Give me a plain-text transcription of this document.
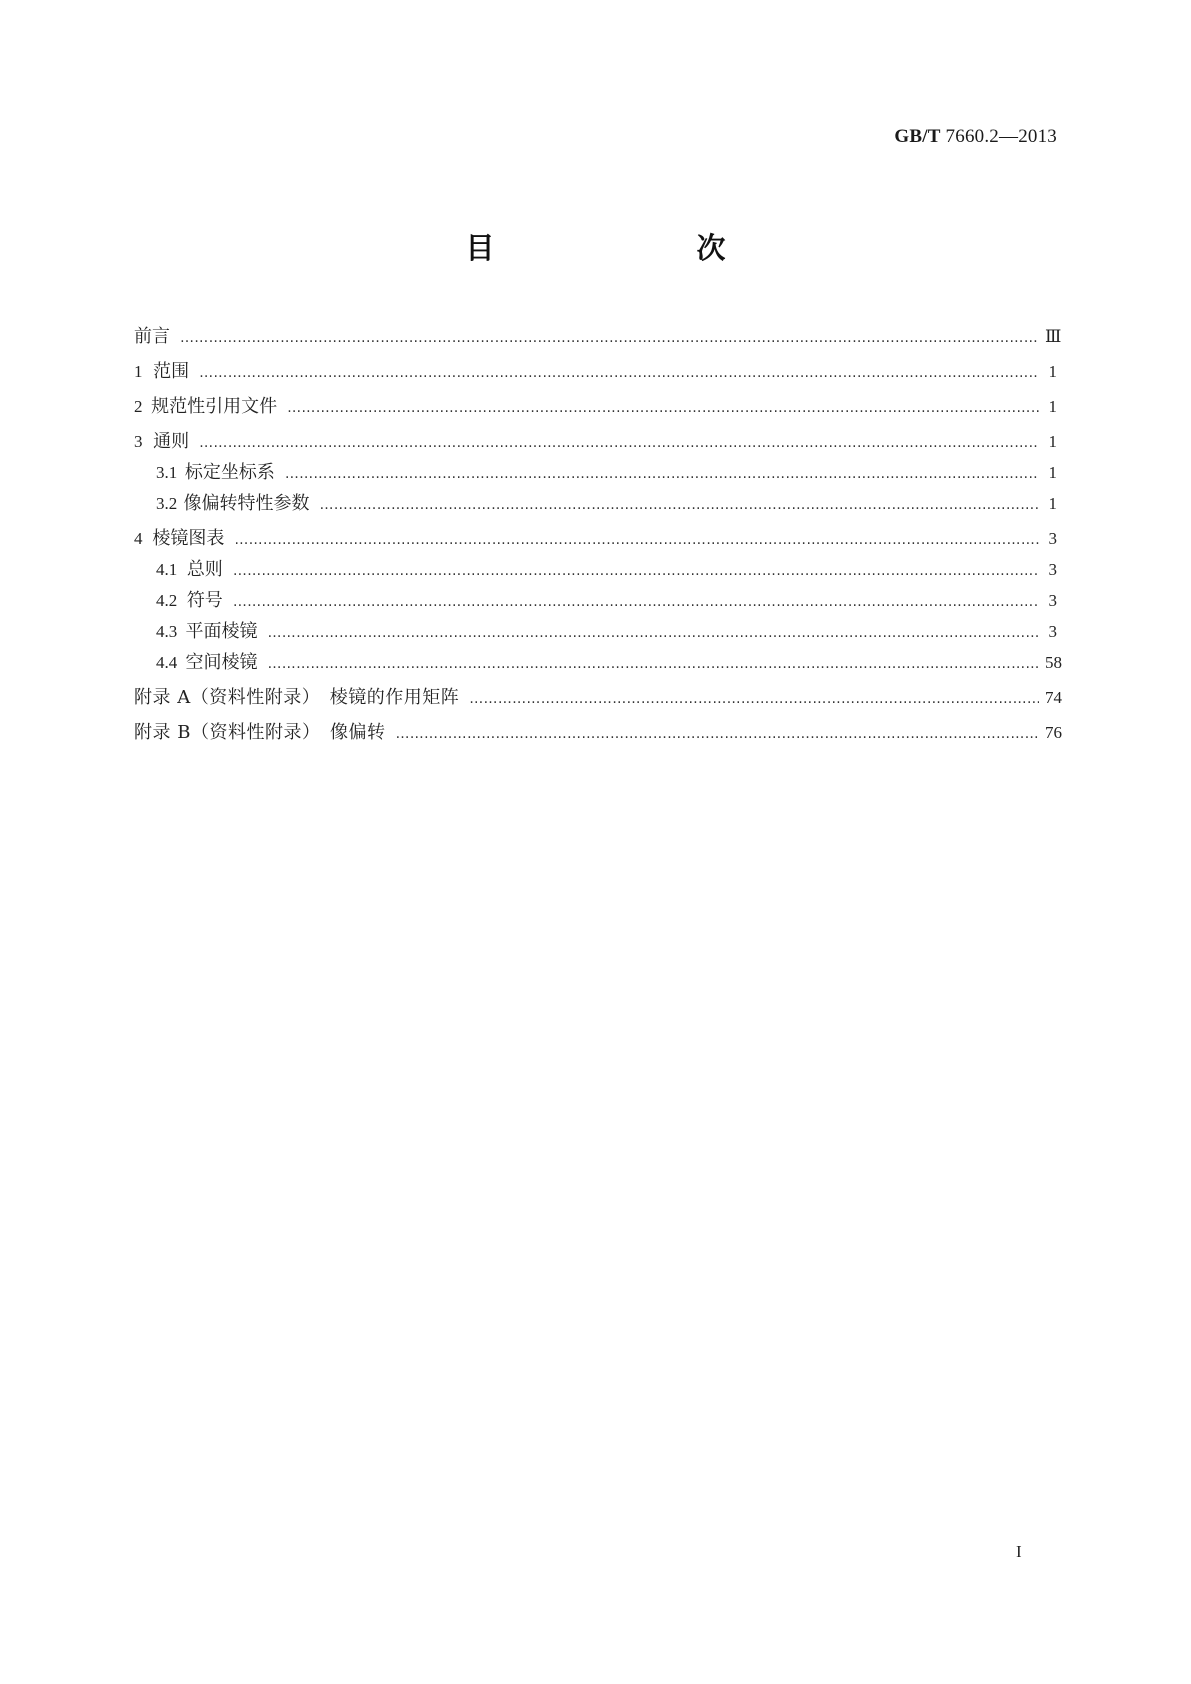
GB/T 7660.2—2013
目　　次
前言 ……………………………………………………………………………………………………………………………………………………………………………………………………………………………………	Ⅲ
1 范围 ……………………………………………………………………………………………………………………………………………………………………………………………………………………………………	1
2 规范性引用文件 ……………………………………………………………………………………………………………………………………………………………………………………………………………………………………	1
3 通则 ……………………………………………………………………………………………………………………………………………………………………………………………………………………………………	1
3.1 标定坐标系 ……………………………………………………………………………………………………………………………………………………………………………………………………………………………………	1
3.2 像偏转特性参数 ……………………………………………………………………………………………………………………………………………………………………………………………………………………………………	1
4 棱镜图表 ……………………………………………………………………………………………………………………………………………………………………………………………………………………………………	3
4.1 总则 ……………………………………………………………………………………………………………………………………………………………………………………………………………………………………	3
4.2 符号 ……………………………………………………………………………………………………………………………………………………………………………………………………………………………………	3
4.3 平面棱镜 ……………………………………………………………………………………………………………………………………………………………………………………………………………………………………	3
4.4 空间棱镜 ……………………………………………………………………………………………………………………………………………………………………………………………………………………………………	58
附录 A（资料性附录）　棱镜的作用矩阵 ……………………………………………………………………………………………………………………………………………………………………………………………………………………………………	74
附录 B（资料性附录）　像偏转 ……………………………………………………………………………………………………………………………………………………………………………………………………………………………………	76
I
